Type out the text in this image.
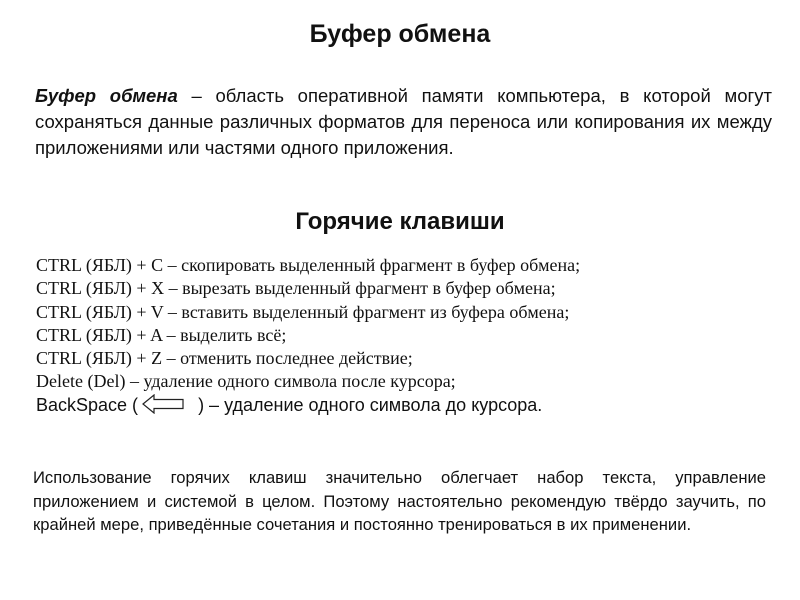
Буфер обмена

Буфер обмена – область оперативной памяти компьютера, в которой могут сохраняться данные различных форматов для переноса или копирования их между приложениями или частями одного приложения.

Горячие клавиши
CTRL (ЯБЛ) + C – скопировать выделенный фрагмент в буфер обмена;
CTRL (ЯБЛ) + X – вырезать выделенный фрагмент в буфер обмена;
CTRL (ЯБЛ) + V – вставить выделенный фрагмент из буфера обмена;
CTRL (ЯБЛ) + A – выделить всё;
CTRL (ЯБЛ) + Z – отменить последнее действие;
Delete (Del) – удаление одного символа после курсора;
BackSpace (	) – удаление одного символа до курсора.

Использование горячих клавиш значительно облегчает набор текста, управление приложением и системой в целом. Поэтому настоятельно рекомендую твёрдо заучить, по крайней мере, приведённые сочетания и постоянно тренироваться в их применении.
